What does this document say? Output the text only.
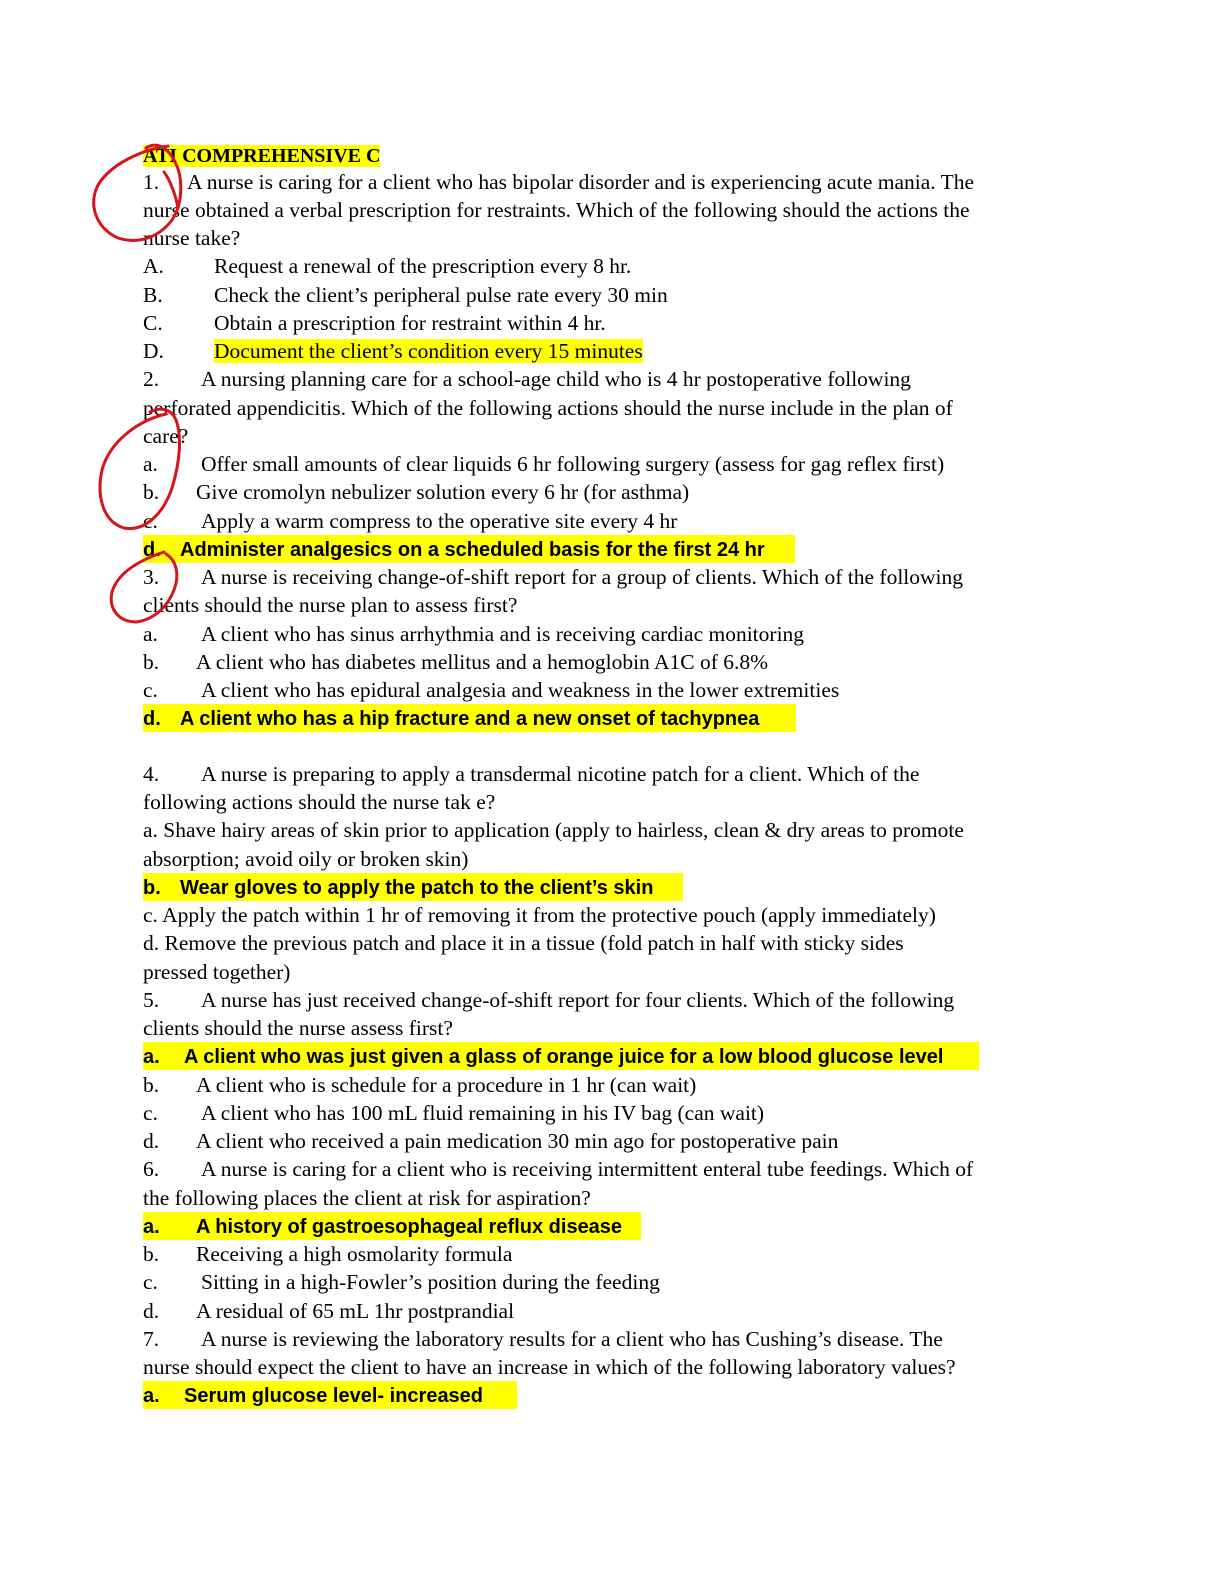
ATI COMPREHENSIVE C
1. A nurse is caring for a client who has bipolar disorder and is experiencing acute mania. The
nurse obtained a verbal prescription for restraints. Which of the following should the actions the
nurse take?
A. Request a renewal of the prescription every 8 hr.
B. Check the client’s peripheral pulse rate every 30 min
C. Obtain a prescription for restraint within 4 hr.
D. Document the client’s condition every 15 minutes
2. A nursing planning care for a school-age child who is 4 hr postoperative following
perforated appendicitis. Which of the following actions should the nurse include in the plan of
care?
a. Offer small amounts of clear liquids 6 hr following surgery (assess for gag reflex first)
b. Give cromolyn nebulizer solution every 6 hr (for asthma)
c. Apply a warm compress to the operative site every 4 hr
d. Administer analgesics on a scheduled basis for the first 24 hr
3. A nurse is receiving change-of-shift report for a group of clients. Which of the following
clients should the nurse plan to assess first?
a. A client who has sinus arrhythmia and is receiving cardiac monitoring
b. A client who has diabetes mellitus and a hemoglobin A1C of 6.8%
c. A client who has epidural analgesia and weakness in the lower extremities
d. A client who has a hip fracture and a new onset of tachypnea
4. A nurse is preparing to apply a transdermal nicotine patch for a client. Which of the
following actions should the nurse tak e?
a. Shave hairy areas of skin prior to application (apply to hairless, clean & dry areas to promote
absorption; avoid oily or broken skin)
b. Wear gloves to apply the patch to the client’s skin
c. Apply the patch within 1 hr of removing it from the protective pouch (apply immediately)
d. Remove the previous patch and place it in a tissue (fold patch in half with sticky sides
pressed together)
5. A nurse has just received change-of-shift report for four clients. Which of the following
clients should the nurse assess first?
a. A client who was just given a glass of orange juice for a low blood glucose level
b. A client who is schedule for a procedure in 1 hr (can wait)
c. A client who has 100 mL fluid remaining in his IV bag (can wait)
d. A client who received a pain medication 30 min ago for postoperative pain
6. A nurse is caring for a client who is receiving intermittent enteral tube feedings. Which of
the following places the client at risk for aspiration?
a. A history of gastroesophageal reflux disease
b. Receiving a high osmolarity formula
c. Sitting in a high-Fowler’s position during the feeding
d. A residual of 65 mL 1hr postprandial
7. A nurse is reviewing the laboratory results for a client who has Cushing’s disease. The
nurse should expect the client to have an increase in which of the following laboratory values?
a. Serum glucose level- increased
